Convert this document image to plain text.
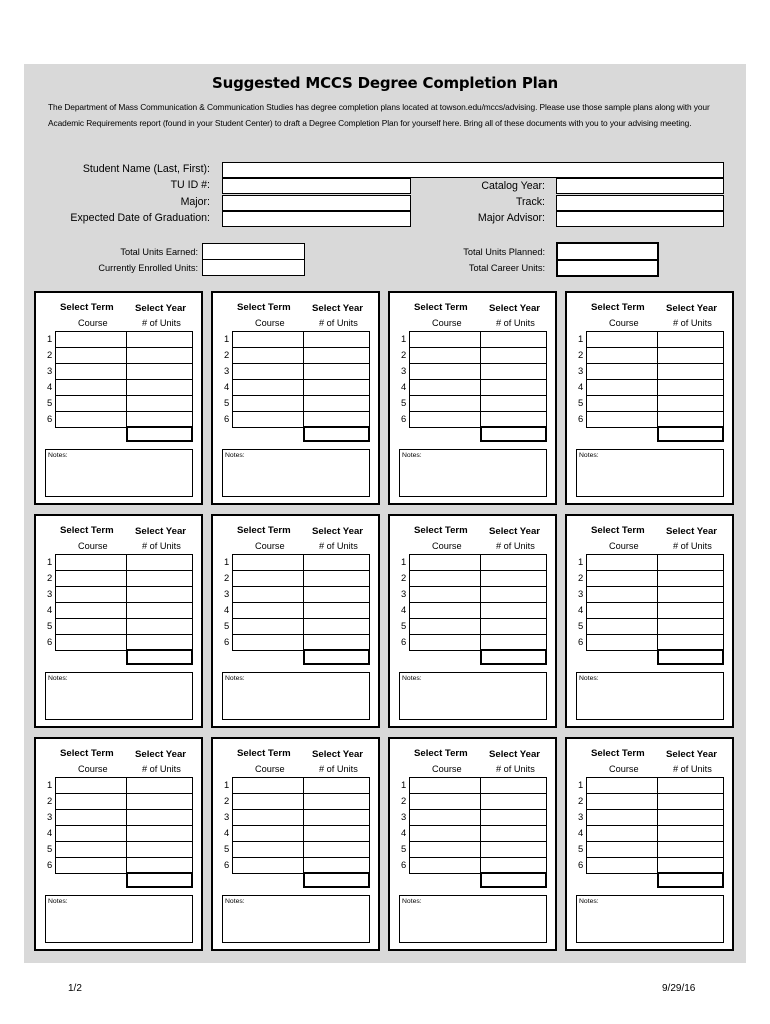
Suggested MCCS Degree Completion Plan
The Department of Mass Communication & Communication Studies has degree completion plans located at towson.edu/mccs/advising. Please use those sample plans along with your Academic Requirements report (found in your Student Center) to draft a Degree Completion Plan for yourself here. Bring all of these documents with you to your advising meeting.
Student Name (Last, First):
TU ID #:
Major:
Expected Date of Graduation:
Catalog Year:
Track:
Major Advisor:
Total Units Earned:
Currently Enrolled Units:
Total Units Planned:
Total Career Units:
Select Term Select Year
Course	# of Units
1
2
3
4
5
6
Notes:
Select Term Select Year
Course	# of Units
1
2
3
4
5
6
Notes:
Select Term Select Year
Course	# of Units
1
2
3
4
5
6
Notes:
Select Term Select Year
Course	# of Units
1
2
3
4
5
6
Notes:
Select Term Select Year
Course	# of Units
1
2
3
4
5
6
Notes:
Select Term Select Year
Course	# of Units
1
2
3
4
5
6
Notes:
Select Term Select Year
Course	# of Units
1
2
3
4
5
6
Notes:
Select Term Select Year
Course	# of Units
1
2
3
4
5
6
Notes:
Select Term Select Year
Course	# of Units
1
2
3
4
5
6
Notes:
Select Term Select Year
Course	# of Units
1
2
3
4
5
6
Notes:
Select Term Select Year
Course	# of Units
1
2
3
4
5
6
Notes:
Select Term Select Year
Course	# of Units
1
2
3
4
5
6
Notes:
1/2	9/29/16
